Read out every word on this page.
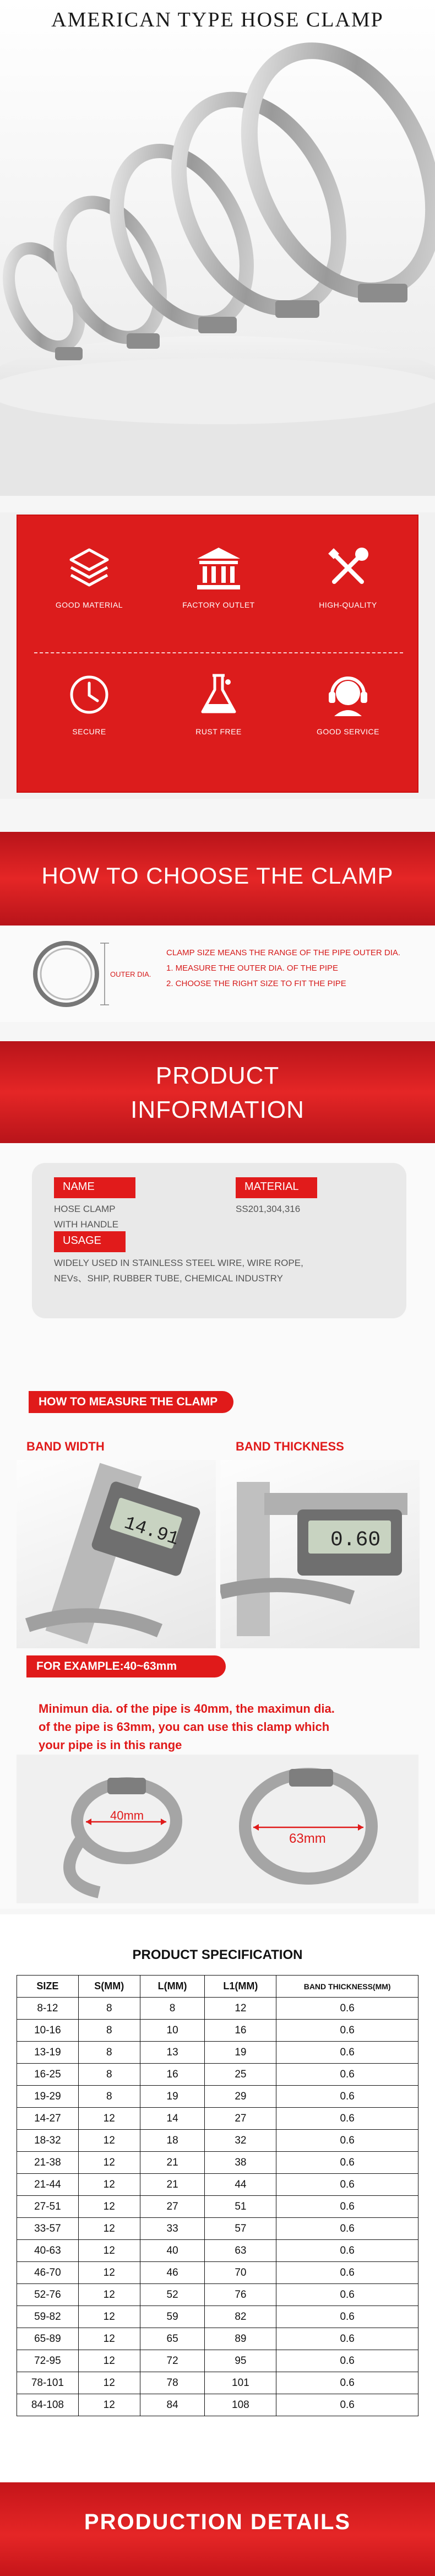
AMERICAN TYPE HOSE CLAMP
GOOD MATERIAL	FACTORY OUTLET	HIGH-QUALITY
SECURE	RUST FREE	GOOD SERVICE
HOW TO CHOOSE THE CLAMP
OUTER DIA.
CLAMP SIZE MEANS THE RANGE OF THE PIPE OUTER DIA.
1. MEASURE THE OUTER DIA. OF THE PIPE
2. CHOOSE THE RIGHT SIZE TO FIT THE PIPE
PRODUCT
INFORMATION
NAME
HOSE CLAMP
WITH HANDLE
MATERIAL
SS201,304,316
USAGE
WIDELY USED IN STAINLESS STEEL WIRE, WIRE ROPE,
NEVs、SHIP, RUBBER TUBE, CHEMICAL INDUSTRY
HOW TO MEASURE THE CLAMP
BAND WIDTH	BAND THICKNESS
14.91	0.60
FOR EXAMPLE:40~63mm
Minimun dia. of the pipe is 40mm, the maximun dia.
of the pipe is 63mm, you can use this clamp which
your pipe is in this range
40mm
63mm
PRODUCT SPECIFICATION
SIZE	S(MM)	L(MM)	L1(MM)	BAND THICKNESS(MM)
8-12	8	8	12	0.6
10-16	8	10	16	0.6
13-19	8	13	19	0.6
16-25	8	16	25	0.6
19-29	8	19	29	0.6
14-27	12	14	27	0.6
18-32	12	18	32	0.6
21-38	12	21	38	0.6
21-44	12	21	44	0.6
27-51	12	27	51	0.6
33-57	12	33	57	0.6
40-63	12	40	63	0.6
46-70	12	46	70	0.6
52-76	12	52	76	0.6
59-82	12	59	82	0.6
65-89	12	65	89	0.6
72-95	12	72	95	0.6
78-101	12	78	101	0.6
84-108	12	84	108	0.6
PRODUCTION DETAILS
